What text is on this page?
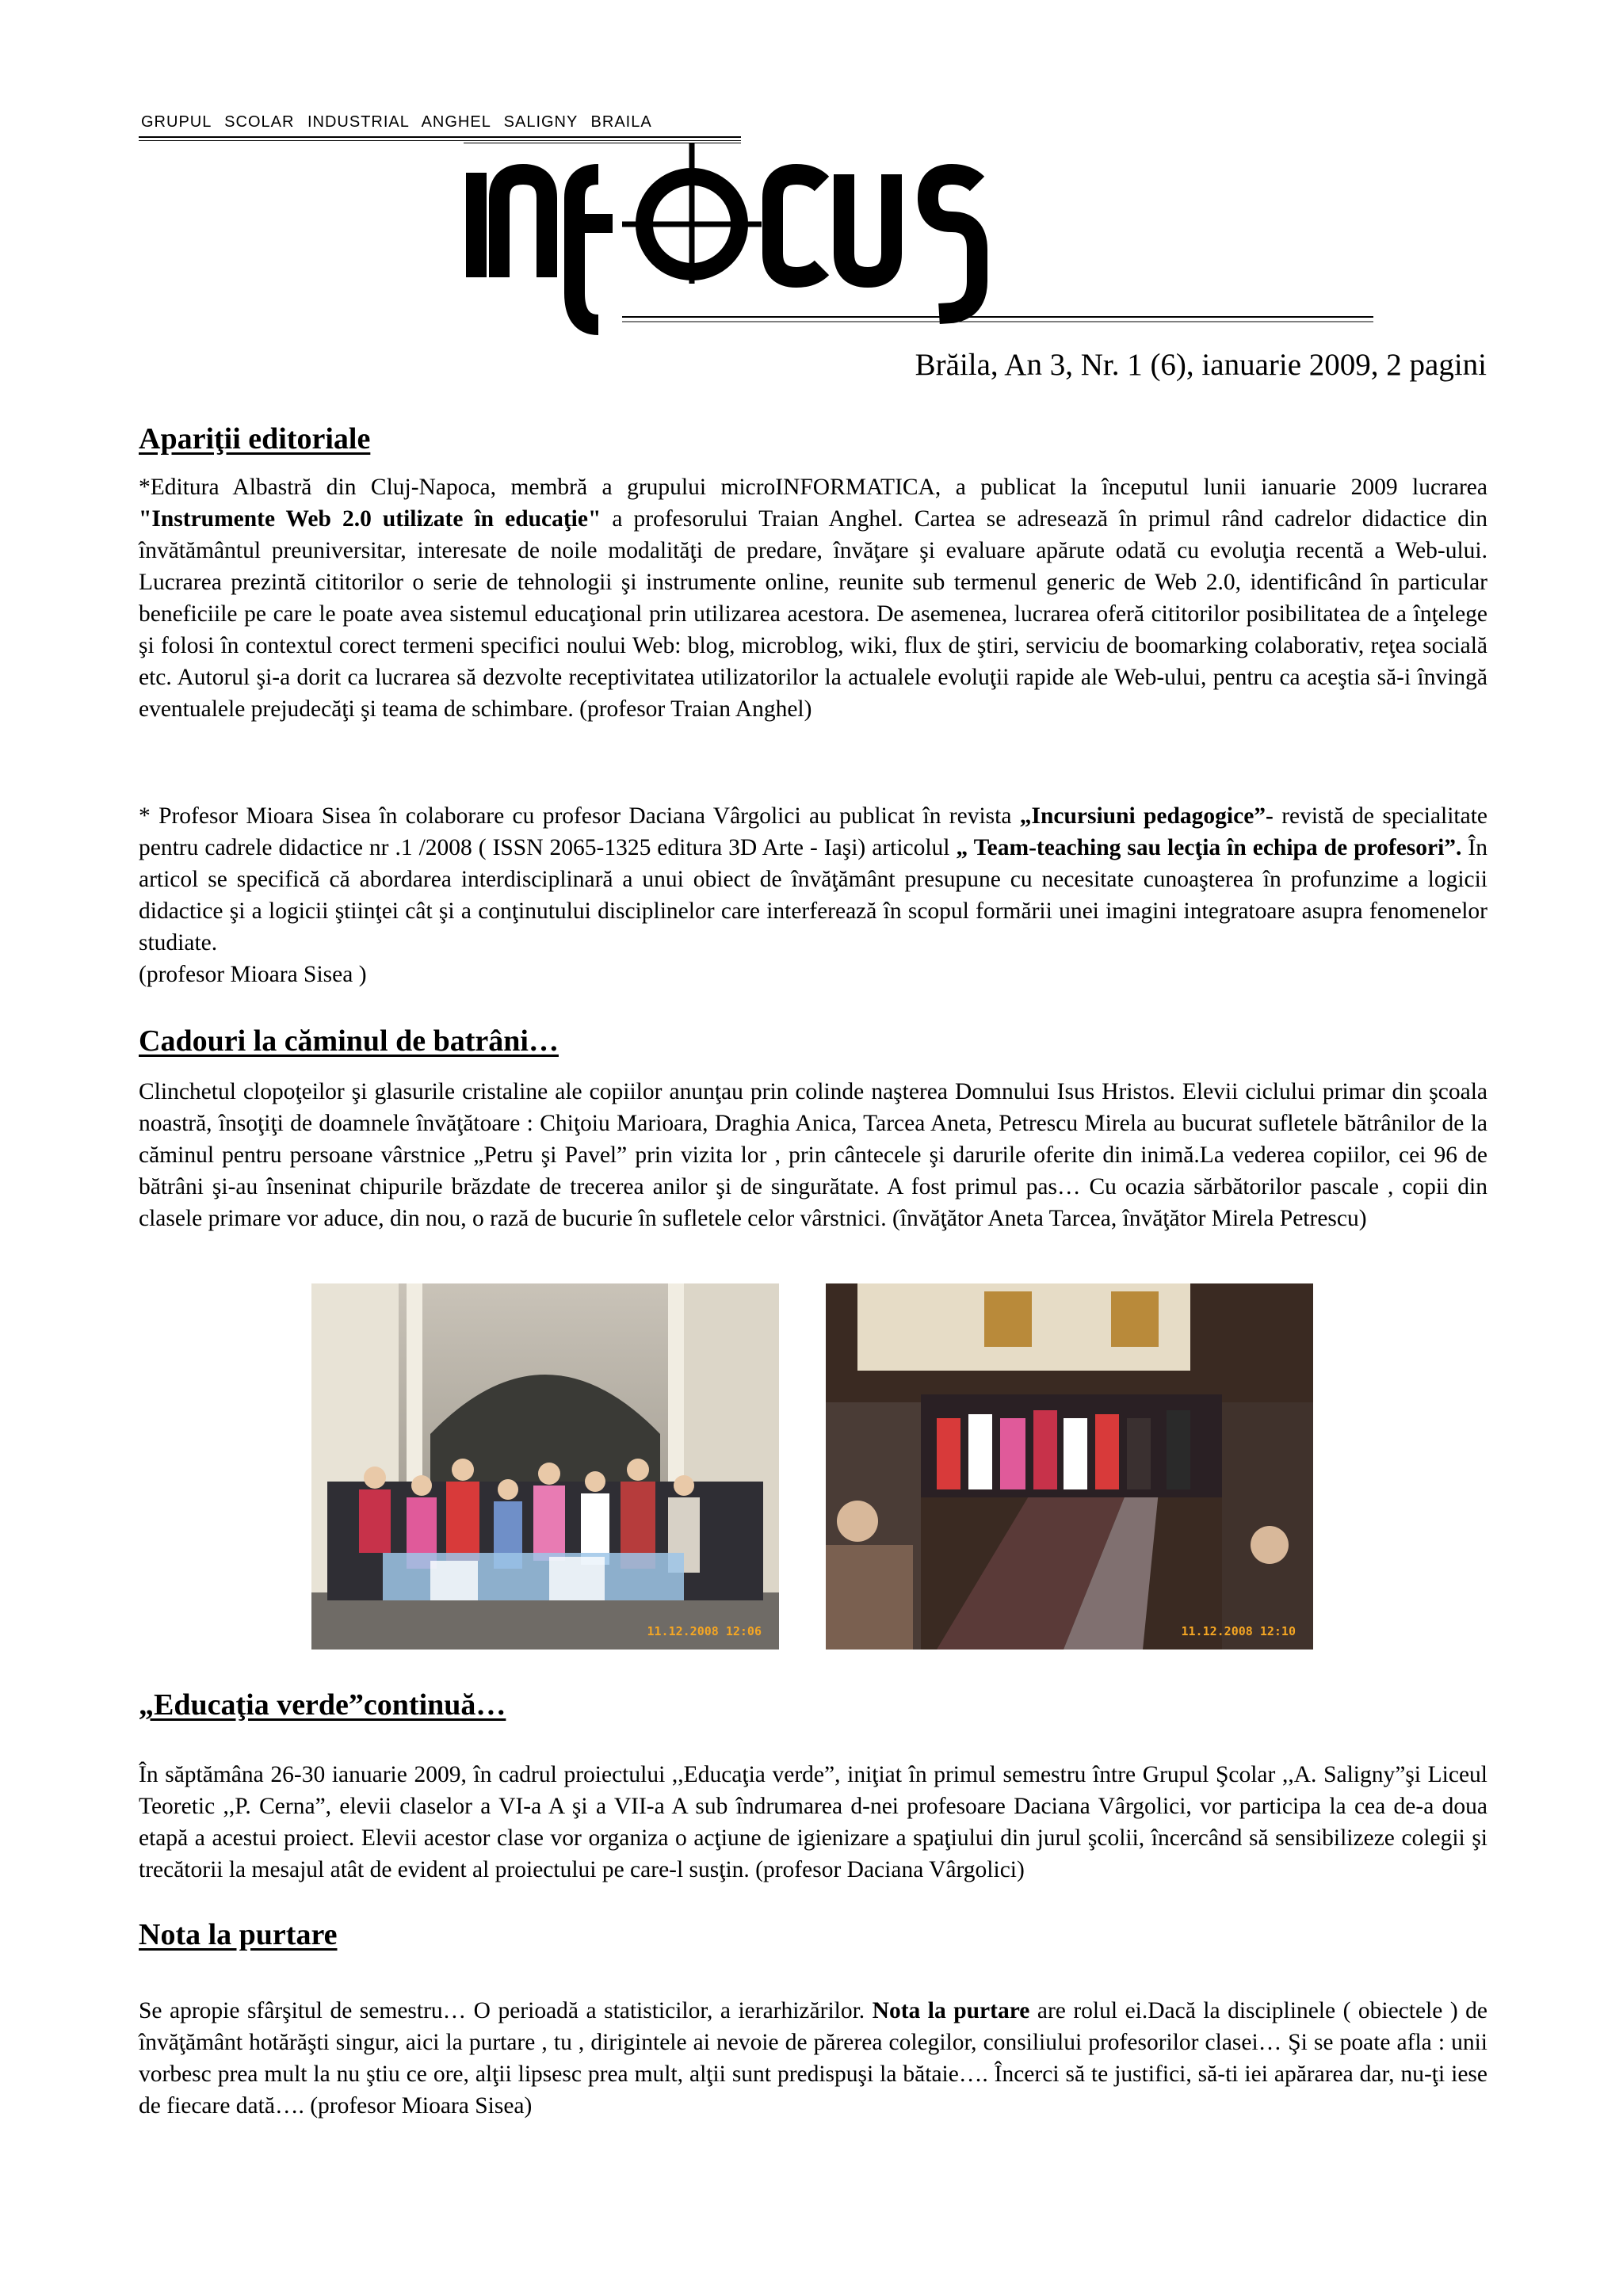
GRUPUL SCOLAR INDUSTRIAL ANGHEL SALIGNY BRAILA
Brăila, An 3, Nr. 1 (6), ianuarie 2009, 2 pagini
Apariţii editoriale

*Editura Albastră din Cluj-Napoca, membră a grupului microINFORMATICA, a publicat la începutul lunii ianuarie 2009 lucrarea "Instrumente Web 2.0 utilizate în educaţie" a profesorului Traian Anghel. Cartea se adresează în primul rând cadrelor didactice din învătământul preuniversitar, interesate de noile modalităţi de predare, învăţare şi evaluare apărute odată cu evoluţia recentă a Web-ului. Lucrarea prezintă cititorilor o serie de tehnologii şi instrumente online, reunite sub termenul generic de Web 2.0, identificând în particular beneficiile pe care le poate avea sistemul educaţional prin utilizarea acestora. De asemenea, lucrarea oferă cititorilor posibilitatea de a înţelege şi folosi în contextul corect termeni specifici noului Web: blog, microblog, wiki, flux de ştiri, serviciu de boomarking colaborativ, reţea socială etc. Autorul şi-a dorit ca lucrarea să dezvolte receptivitatea utilizatorilor la actualele evoluţii rapide ale Web-ului, pentru ca aceştia să-i învingă eventualele prejudecăţi şi teama de schimbare. (profesor Traian Anghel)

* Profesor Mioara Sisea în colaborare cu profesor Daciana Vârgolici au publicat în revista „Incursiuni pedagogice”- revistă de specialitate pentru cadrele didactice nr .1 /2008 ( ISSN 2065-1325 editura 3D Arte - Iaşi) articolul „ Team-teaching sau lecţia în echipa de profesori”. În articol se specifică că abordarea interdisciplinară a unui obiect de învăţământ presupune cu necesitate cunoaşterea în profunzime a logicii didactice şi a logicii ştiinţei cât şi a conţinutului disciplinelor care interferează în scopul formării unei imagini integratoare asupra fenomenelor studiate.

(profesor Mioara Sisea )

Cadouri la căminul de batrâni…

Clinchetul clopoţeilor şi glasurile cristaline ale copiilor anunţau prin colinde naşterea Domnului Isus Hristos. Elevii ciclului primar din şcoala noastră, însoţiţi de doamnele învăţătoare : Chiţoiu Marioara, Draghia Anica, Tarcea Aneta, Petrescu Mirela au bucurat sufletele bătrânilor de la căminul pentru persoane vârstnice „Petru şi Pavel” prin vizita lor , prin cântecele şi darurile oferite din inimă.La vederea copiilor, cei 96 de bătrâni şi-au înseninat chipurile brăzdate de trecerea anilor şi de singurătate. A fost primul pas… Cu ocazia sărbătorilor pascale , copii din clasele primare vor aduce, din nou, o rază de bucurie în sufletele celor vârstnici. (învăţător Aneta Tarcea, învăţător Mirela Petrescu)

11.12.2008 12:06	11.12.2008 12:10
„Educaţia verde”continuă…

În săptămâna 26-30 ianuarie 2009, în cadrul proiectului ,,Educaţia verde”, iniţiat în primul semestru între Grupul Şcolar ,,A. Saligny”şi Liceul Teoretic ,,P. Cerna”, elevii claselor a VI-a A şi a VII-a A sub îndrumarea d-nei profesoare Daciana Vârgolici, vor participa la cea de-a doua etapă a acestui proiect. Elevii acestor clase vor organiza o acţiune de igienizare a spaţiului din jurul şcolii, încercând să sensibilizeze colegii şi trecătorii la mesajul atât de evident al proiectului pe care-l susţin. (profesor Daciana Vârgolici)

Nota la purtare

Se apropie sfârşitul de semestru… O perioadă a statisticilor, a ierarhizărilor. Nota la purtare are rolul ei.Dacă la disciplinele ( obiectele ) de învăţământ hotărăşti singur, aici la purtare , tu , dirigintele ai nevoie de părerea colegilor, consiliului profesorilor clasei… Şi se poate afla : unii vorbesc prea mult la nu ştiu ce ore, alţii lipsesc prea mult, alţii sunt predispuşi la bătaie…. Încerci să te justifici, să-ti iei apărarea dar, nu-ţi iese de fiecare dată…. (profesor Mioara Sisea)
